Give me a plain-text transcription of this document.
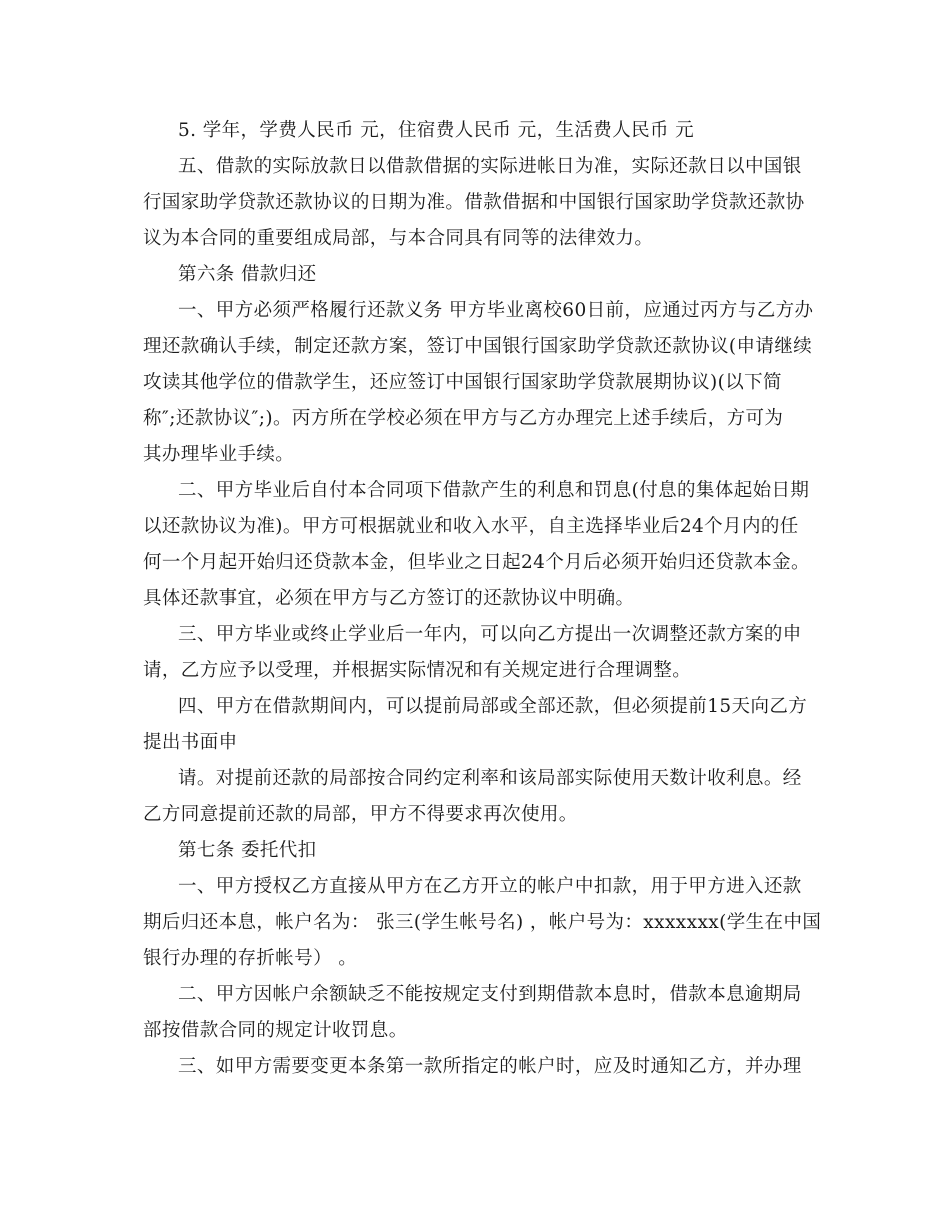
5. 学年，学费人民币 元，住宿费人民币 元，生活费人民币 元
五、借款的实际放款日以借款借据的实际进帐日为准，实际还款日以中国银
行国家助学贷款还款协议的日期为准。借款借据和中国银行国家助学贷款还款协
议为本合同的重要组成局部，与本合同具有同等的法律效力。
第六条 借款归还
一、甲方必须严格履行还款义务 甲方毕业离校60日前，应通过丙方与乙方办
理还款确认手续，制定还款方案，签订中国银行国家助学贷款还款协议(申请继续
攻读其他学位的借款学生，还应签订中国银行国家助学贷款展期协议)(以下简
称″;还款协议″;)。丙方所在学校必须在甲方与乙方办理完上述手续后，方可为
其办理毕业手续。
二、甲方毕业后自付本合同项下借款产生的利息和罚息(付息的集体起始日期
以还款协议为准)。甲方可根据就业和收入水平，自主选择毕业后24个月内的任
何一个月起开始归还贷款本金，但毕业之日起24个月后必须开始归还贷款本金。
具体还款事宜，必须在甲方与乙方签订的还款协议中明确。
三、甲方毕业或终止学业后一年内，可以向乙方提出一次调整还款方案的申
请，乙方应予以受理，并根据实际情况和有关规定进行合理调整。
四、甲方在借款期间内，可以提前局部或全部还款，但必须提前15天向乙方
提出书面申
请。对提前还款的局部按合同约定利率和该局部实际使用天数计收利息。经
乙方同意提前还款的局部，甲方不得要求再次使用。
第七条 委托代扣
一、甲方授权乙方直接从甲方在乙方开立的帐户中扣款，用于甲方进入还款
期后归还本息，帐户名为： 张三(学生帐号名) ，帐户号为：xxxxxxx(学生在中国
银行办理的存折帐号） 。
二、甲方因帐户余额缺乏不能按规定支付到期借款本息时，借款本息逾期局
部按借款合同的规定计收罚息。
三、如甲方需要变更本条第一款所指定的帐户时，应及时通知乙方，并办理
